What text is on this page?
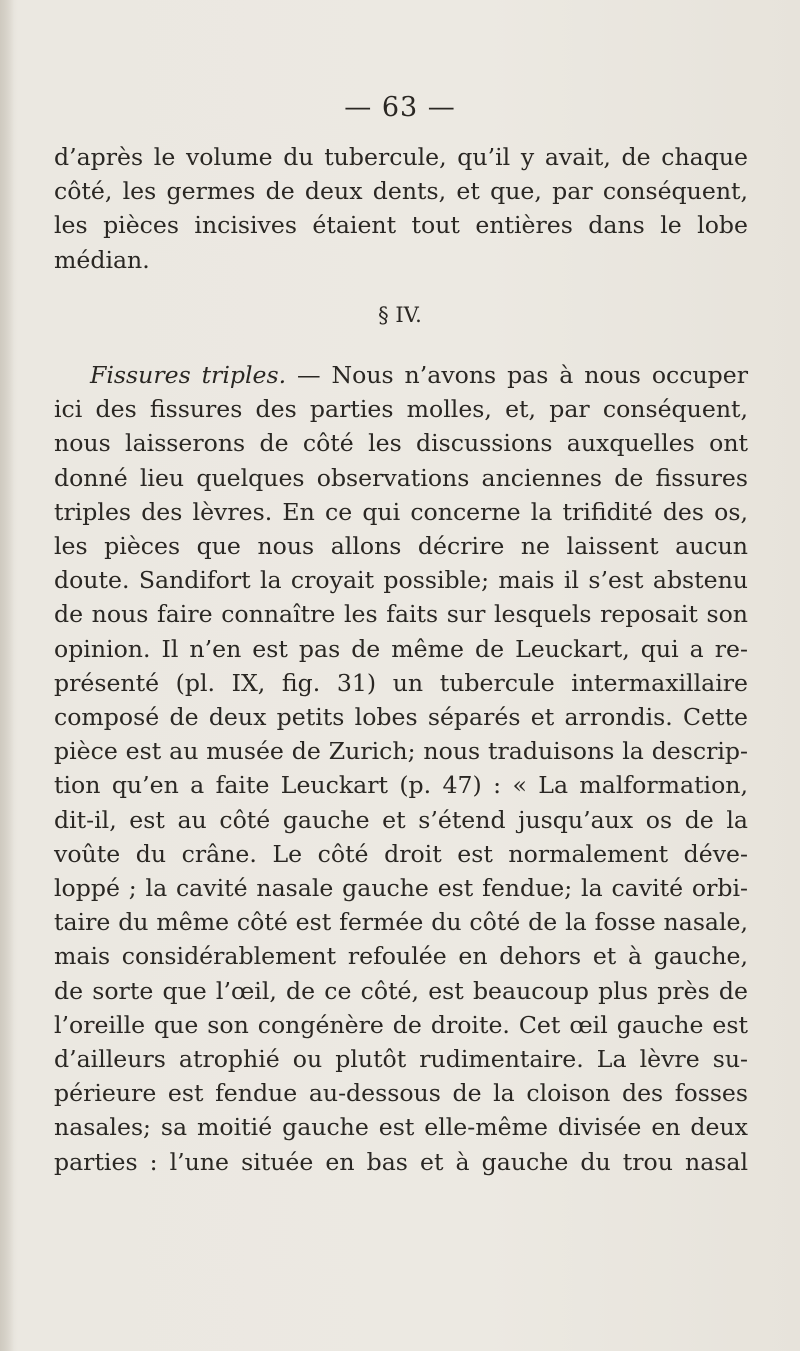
— 63 —
d’après le volume du tubercule, qu’il y avait, de chaque
côté, les germes de deux dents, et que, par conséquent,
les pièces incisives étaient tout entières dans le lobe
médian.
§ IV.
Fissures triples. — Nous n’avons pas à nous occuper
ici des fissures des parties molles, et, par conséquent,
nous laisserons de côté les discussions auxquelles ont
donné lieu quelques observations anciennes de fissures
triples des lèvres. En ce qui concerne la trifidité des os,
les pièces que nous allons décrire ne laissent aucun
doute. Sandifort la croyait possible; mais il s’est abstenu
de nous faire connaître les faits sur lesquels reposait son
opinion. Il n’en est pas de même de Leuckart, qui a re-
présenté (pl. IX, fig. 31) un tubercule intermaxillaire
composé de deux petits lobes séparés et arrondis. Cette
pièce est au musée de Zurich; nous traduisons la descrip-
tion qu’en a faite Leuckart (p. 47) : « La malformation,
dit-il, est au côté gauche et s’étend jusqu’aux os de la
voûte du crâne. Le côté droit est normalement déve-
loppé ; la cavité nasale gauche est fendue; la cavité orbi-
taire du même côté est fermée du côté de la fosse nasale,
mais considérablement refoulée en dehors et à gauche,
de sorte que l’œil, de ce côté, est beaucoup plus près de
l’oreille que son congénère de droite. Cet œil gauche est
d’ailleurs atrophié ou plutôt rudimentaire. La lèvre su-
périeure est fendue au-dessous de la cloison des fosses
nasales; sa moitié gauche est elle-même divisée en deux
parties : l’une située en bas et à gauche du trou nasal
